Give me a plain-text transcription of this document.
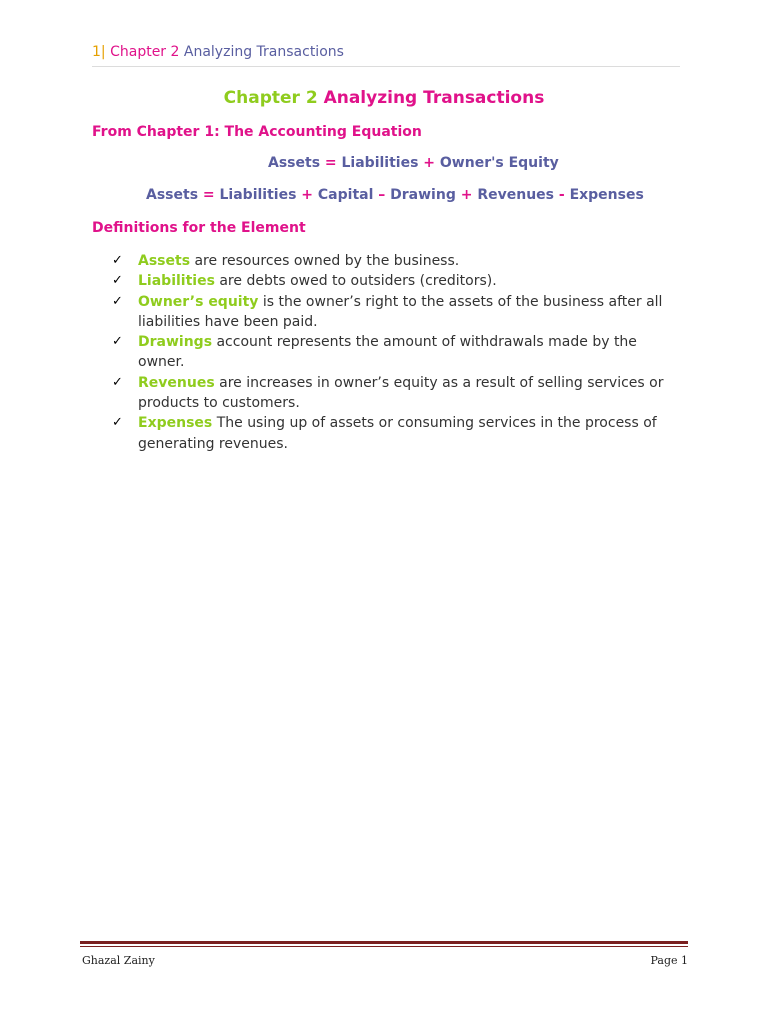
1| Chapter 2 Analyzing Transactions
Chapter 2 Analyzing Transactions
From Chapter 1: The Accounting Equation
Assets = Liabilities + Owner's Equity
Assets = Liabilities + Capital – Drawing + Revenues - Expenses
Definitions for the Element
✓ Assets are resources owned by the business.
✓ Liabilities are debts owed to outsiders (creditors).
✓ Owner’s equity is the owner’s right to the assets of the business after all liabilities have been paid.
✓ Drawings account represents the amount of withdrawals made by the owner.
✓ Revenues are increases in owner’s equity as a result of selling services or products to customers.
✓ Expenses The using up of assets or consuming services in the process of generating revenues.
Ghazal Zainy	Page 1
